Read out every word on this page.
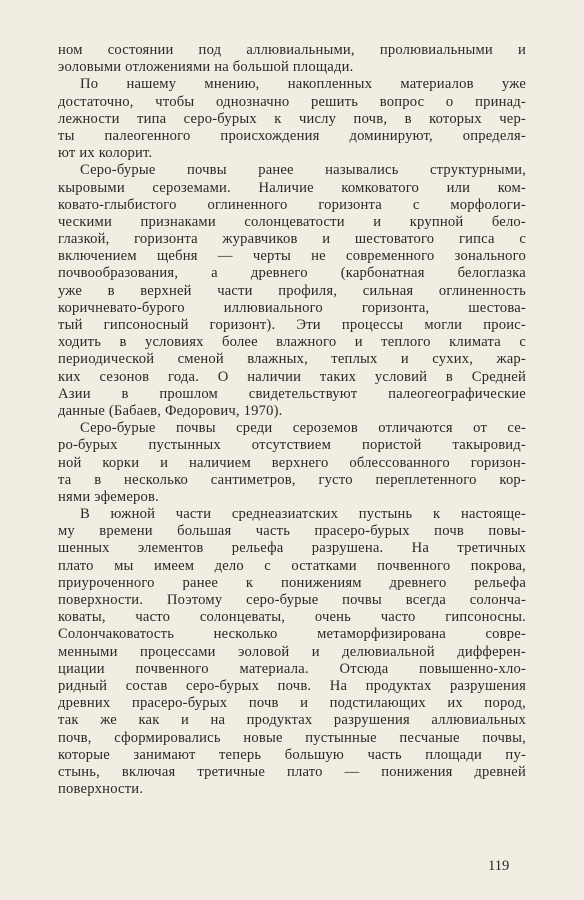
ном состоянии под аллювиальными, пролювиальными и
эоловыми отложениями на большой площади.
По нашему мнению, накопленных материалов уже
достаточно, чтобы однозначно решить вопрос о принад-
лежности типа серо-бурых к числу почв, в которых чер-
ты палеогенного происхождения доминируют, определя-
ют их колорит.
Серо-бурые почвы ранее назывались структурными,
кыровыми сероземами. Наличие комковатого или ком-
ковато-глыбистого оглиненного горизонта с морфологи-
ческими признаками солонцеватости и крупной бело-
глазкой, горизонта журавчиков и шестоватого гипса с
включением щебня — черты не современного зонального
почвообразования, а древнего (карбонатная белоглазка
уже в верхней части профиля, сильная оглиненность
коричневато-бурого иллювиального горизонта, шестова-
тый гипсоносный горизонт). Эти процессы могли проис-
ходить в условиях более влажного и теплого климата с
периодической сменой влажных, теплых и сухих, жар-
ких сезонов года. О наличии таких условий в Средней
Азии в прошлом свидетельствуют палеогеографические
данные (Бабаев, Федорович, 1970).
Серо-бурые почвы среди сероземов отличаются от се-
ро-бурых пустынных отсутствием пористой такыровид-
ной корки и наличием верхнего облессованного горизон-
та в несколько сантиметров, густо переплетенного кор-
нями эфемеров.
В южной части среднеазиатских пустынь к настояще-
му времени большая часть прасеро-бурых почв повы-
шенных элементов рельефа разрушена. На третичных
плато мы имеем дело с остатками почвенного покрова,
приуроченного ранее к понижениям древнего рельефа
поверхности. Поэтому серо-бурые почвы всегда солонча-
коваты, часто солонцеваты, очень часто гипсоносны.
Солончаковатость несколько метаморфизирована совре-
менными процессами эоловой и делювиальной дифферен-
циации почвенного материала. Отсюда повышенно-хло-
ридный состав серо-бурых почв. На продуктах разрушения
древних прасеро-бурых почв и подстилающих их пород,
так же как и на продуктах разрушения аллювиальных
почв, сформировались новые пустынные песчаные почвы,
которые занимают теперь большую часть площади пу-
стынь, включая третичные плато — понижения древней
поверхности.
119
